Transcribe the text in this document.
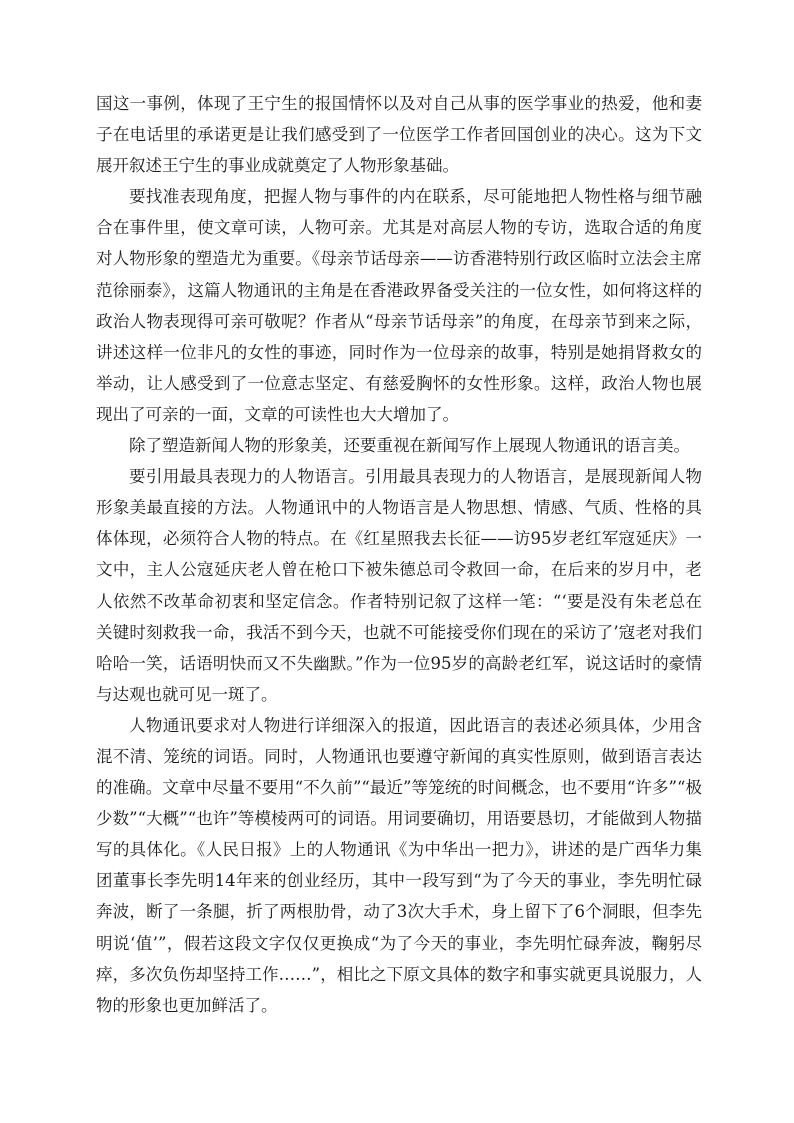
国这一事例，体现了王宁生的报国情怀以及对自己从事的医学事业的热爱，他和妻子在电话里的承诺更是让我们感受到了一位医学工作者回国创业的决心。这为下文展开叙述王宁生的事业成就奠定了人物形象基础。

要找准表现角度，把握人物与事件的内在联系，尽可能地把人物性格与细节融合在事件里，使文章可读，人物可亲。尤其是对高层人物的专访，选取合适的角度对人物形象的塑造尤为重要。《母亲节话母亲——访香港特别行政区临时立法会主席范徐丽泰》，这篇人物通讯的主角是在香港政界备受关注的一位女性，如何将这样的政治人物表现得可亲可敬呢？作者从“母亲节话母亲”的角度，在母亲节到来之际，讲述这样一位非凡的女性的事迹，同时作为一位母亲的故事，特别是她捐肾救女的举动，让人感受到了一位意志坚定、有慈爱胸怀的女性形象。这样，政治人物也展现出了可亲的一面，文章的可读性也大大增加了。

除了塑造新闻人物的形象美，还要重视在新闻写作上展现人物通讯的语言美。

要引用最具表现力的人物语言。引用最具表现力的人物语言，是展现新闻人物形象美最直接的方法。人物通讯中的人物语言是人物思想、情感、气质、性格的具体体现，必须符合人物的特点。在《红星照我去长征——访95岁老红军寇延庆》一文中，主人公寇延庆老人曾在枪口下被朱德总司令救回一命，在后来的岁月中，老人依然不改革命初衷和坚定信念。作者特别记叙了这样一笔：“‘要是没有朱老总在关键时刻救我一命，我活不到今天，也就不可能接受你们现在的采访了’寇老对我们哈哈一笑，话语明快而又不失幽默。”作为一位95岁的高龄老红军，说这话时的豪情与达观也就可见一斑了。

人物通讯要求对人物进行详细深入的报道，因此语言的表述必须具体，少用含混不清、笼统的词语。同时，人物通讯也要遵守新闻的真实性原则，做到语言表达的准确。文章中尽量不要用“不久前”“最近”等笼统的时间概念，也不要用“许多”“极少数”“大概”“也许”等模棱两可的词语。用词要确切，用语要恳切，才能做到人物描写的具体化。《人民日报》上的人物通讯《为中华出一把力》，讲述的是广西华力集团董事长李先明14年来的创业经历，其中一段写到“为了今天的事业，李先明忙碌奔波，断了一条腿，折了两根肋骨，动了3次大手术，身上留下了6个洞眼，但李先明说‘值’”，假若这段文字仅仅更换成“为了今天的事业，李先明忙碌奔波，鞠躬尽瘁，多次负伤却坚持工作……”，相比之下原文具体的数字和事实就更具说服力，人物的形象也更加鲜活了。
